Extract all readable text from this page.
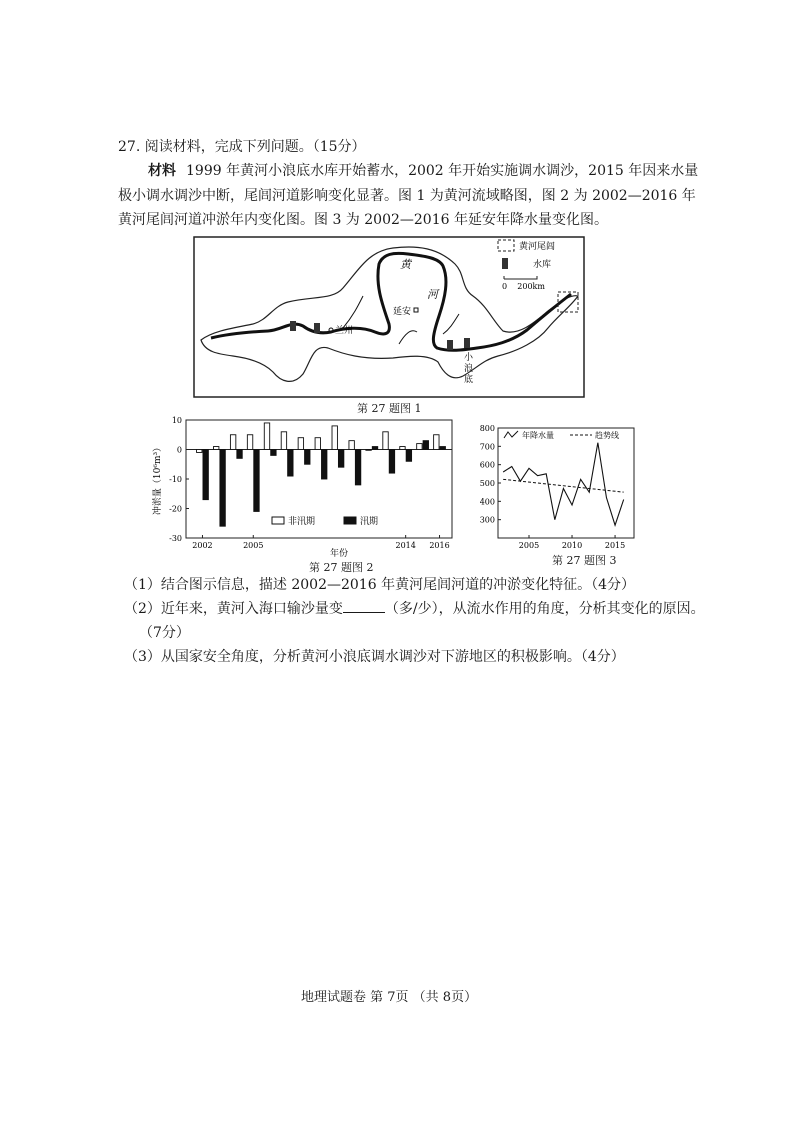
27. 阅读材料，完成下列问题。（15分）
材料 1999 年黄河小浪底水库开始蓄水，2002 年开始实施调水调沙，2015 年因来水量
极小调水调沙中断，尾闾河道影响变化显著。图 1 为黄河流域略图，图 2 为 2002—2016 年
黄河尾闾河道冲淤年内变化图。图 3 为 2002—2016 年延安年降水量变化图。
兰州
延安
黄
河
小
浪
底
黄河尾闾
水库
0    200km
第 27 题图 1
10
0
-10
-20
-30
冲淤量（10⁶m³）
2002	2005	2014 2016
年份
非汛期	汛期
第 27 题图 2
800
700
600
500
400
300
2005	2010	2015
年降水量	趋势线
第 27 题图 3
（1）结合图示信息，描述 2002—2016 年黄河尾闾河道的冲淤变化特征。（4分）
（2）近年来，黄河入海口输沙量变	（多/少），从流水作用的角度，分析其变化的原因。
（7分）
（3）从国家安全角度，分析黄河小浪底调水调沙对下游地区的积极影响。（4分）
地理试题卷 第 7页 （共 8页）
